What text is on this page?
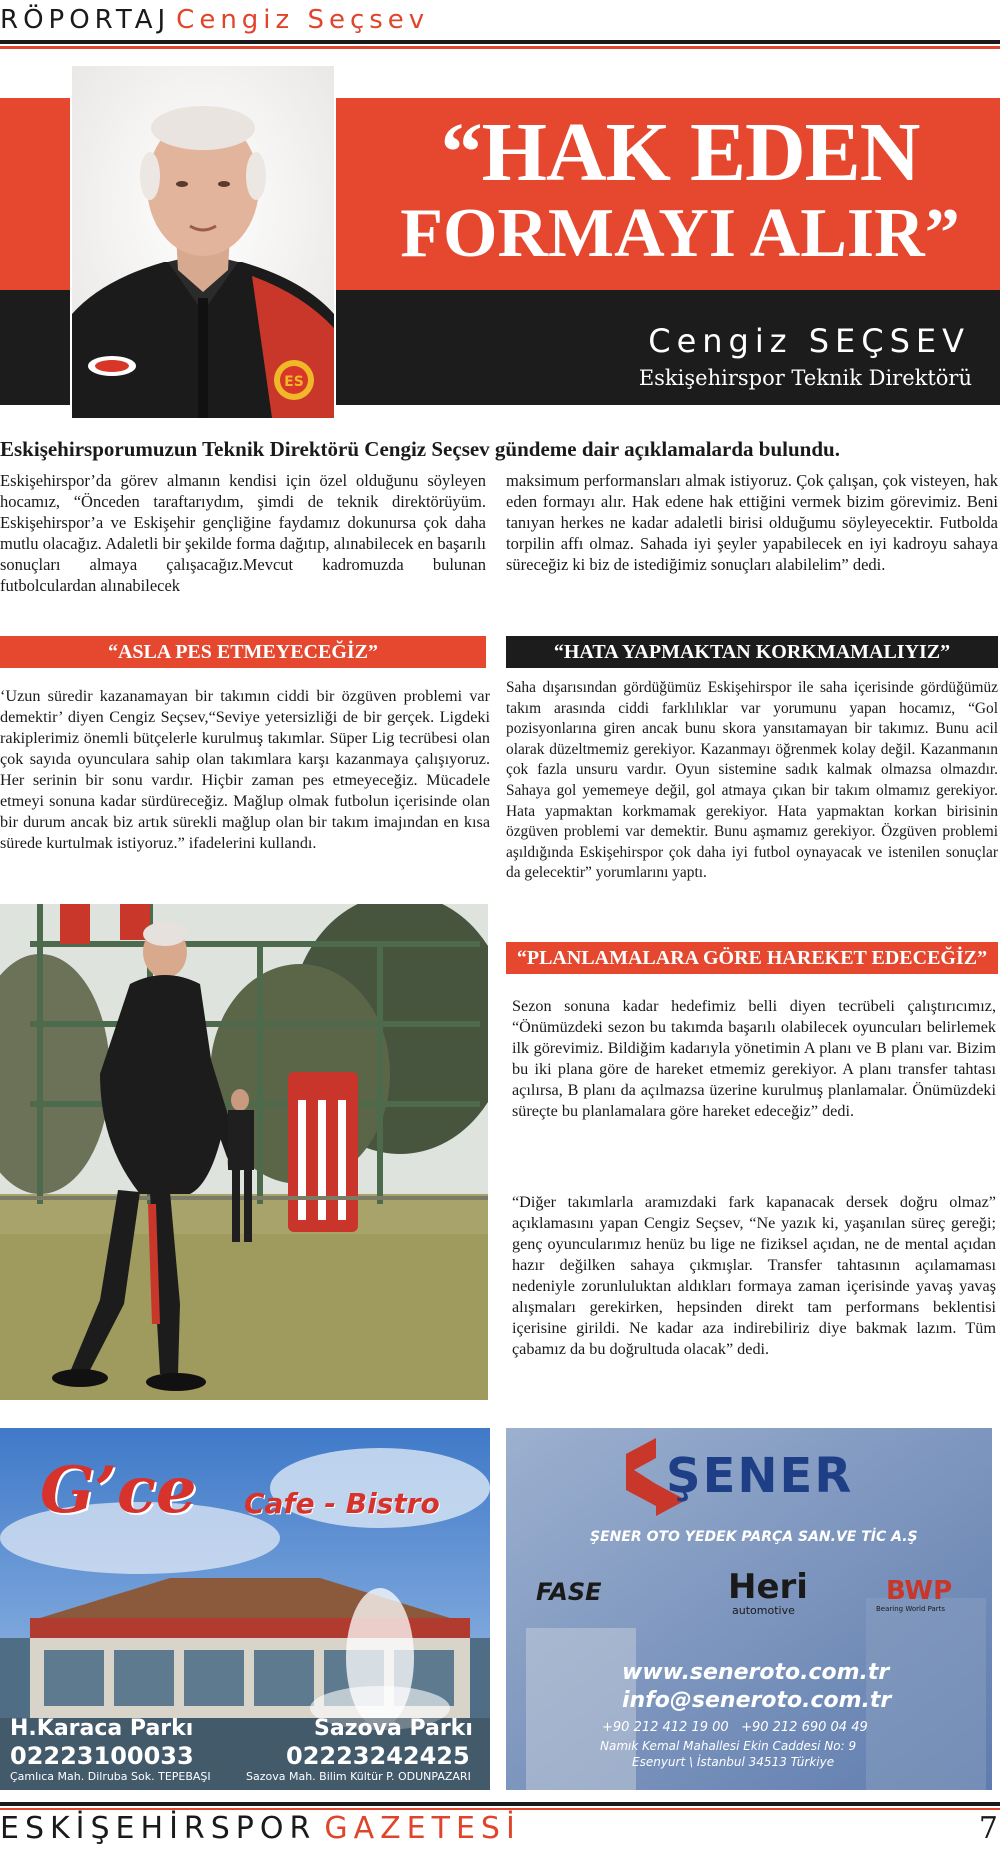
RÖPORTAJ Cengiz Seçsev
“HAK EDEN
FORMAYI ALIR”
Cengiz SEÇSEV
Eskişehirspor Teknik Direktörü
ES
Eskişehirsporumuzun Teknik Direktörü Cengiz Seçsev gündeme dair açıklamalarda bulundu.

Eskişehirspor’da görev almanın kendisi için özel olduğunu söyleyen hocamız, “Önceden taraftarıydım, şimdi de teknik direktörüyüm. Eskişehirspor’a ve Eskişehir gençliğine faydamız dokunursa çok daha mutlu olacağız. Adaletli bir şekilde forma dağıtıp, alınabilecek en başarılı sonuçları almaya çalışacağız.Mevcut kadromuzda bulunan futbolculardan alınabilecek

maksimum performansları almak istiyoruz. Çok çalışan, çok visteyen, hak eden formayı alır. Hak edene hak ettiğini vermek bizim görevimiz. Beni tanıyan herkes ne kadar adaletli birisi olduğumu söyleyecektir. Futbolda torpilin affı olmaz. Sahada iyi şeyler yapabilecek en iyi kadroyu sahaya süreceğiz ki biz de istediğimiz sonuçları alabilelim” dedi.

“ASLA PES ETMEYECEĞİZ”

‘Uzun süredir kazanamayan bir takımın ciddi bir özgüven problemi var demektir’ diyen Cengiz Seçsev,“Seviye yetersizliği de bir gerçek. Ligdeki rakiplerimiz önemli bütçelerle kurulmuş takımlar. Süper Lig tecrübesi olan çok sayıda oyunculara sahip olan takımlara karşı kazanmaya çalışıyoruz. Her serinin bir sonu vardır. Hiçbir zaman pes etmeyeceğiz. Mücadele etmeyi sonuna kadar sürdüreceğiz. Mağlup olmak futbolun içerisinde olan bir durum ancak biz artık sürekli mağlup olan bir takım imajından en kısa sürede kurtulmak istiyoruz.” ifadelerini kullandı.

“HATA YAPMAKTAN KORKMAMALIYIZ”

Saha dışarısından gördüğümüz Eskişehirspor ile saha içerisinde gördüğümüz takım arasında ciddi farklılıklar var yorumunu yapan hocamız, “Gol pozisyonlarına giren ancak bunu skora yansıtamayan bir takımız. Bunu acil olarak düzeltmemiz gerekiyor. Kazanmayı öğrenmek kolay değil. Kazanmanın çok fazla unsuru vardır. Oyun sistemine sadık kalmak olmazsa olmazdır. Sahaya gol yememeye değil, gol atmaya çıkan bir takım olmamız gerekiyor. Hata yapmaktan korkmamak gerekiyor. Hata yapmaktan korkan birisinin özgüven problemi var demektir. Bunu aşmamız gerekiyor. Özgüven problemi aşıldığında Eskişehirspor çok daha iyi futbol oynayacak ve istenilen sonuçlar da gelecektir” yorumlarını yaptı.

“PLANLAMALARA GÖRE HAREKET EDECEĞİZ”

Sezon sonuna kadar hedefimiz belli diyen tecrübeli çalıştırıcımız, “Önümüzdeki sezon bu takımda başarılı olabilecek oyuncuları belirlemek ilk görevimiz. Bildiğim kadarıyla yönetimin A planı ve B planı var. Bizim bu iki plana göre de hareket etmemiz gerekiyor. A planı transfer tahtası açılırsa, B planı da açılmazsa üzerine kurulmuş planlamalar. Önümüzdeki süreçte bu planlamalara göre hareket edeceğiz” dedi.

“Diğer takımlarla aramızdaki fark kapanacak dersek doğru olmaz” açıklamasını yapan Cengiz Seçsev, “Ne yazık ki, yaşanılan süreç gereği; genç oyuncularımız henüz bu lige ne fiziksel açıdan, ne de mental açıdan hazır değilken sahaya çıkmışlar. Transfer tahtasının açılamaması nedeniyle zorunluluktan aldıkları formaya zaman içerisinde yavaş yavaş alışmaları gerekirken, hepsinden direkt tam performans beklentisi içerisine girildi. Ne kadar aza indirebiliriz diye bakmak lazım. Tüm çabamız da bu doğrultuda olacak” dedi.

G’ce Cafe - Bistro
H.Karaca Parkı
02223100033
Çamlıca Mah. Dilruba Sok. TEPEBAŞI
Sazova Parkı
02223242425
Sazova Mah. Bilim Kültür P. ODUNPAZARI
ŞENER
ŞENER OTO YEDEK PARÇA SAN.VE TİC A.Ş
FASE	Heri
automotive
BWP
Bearing World Parts
www.seneroto.com.tr
info@seneroto.com.tr
+90 212 412 19 00   +90 212 690 04 49
Namık Kemal Mahallesi Ekin Caddesi No: 9
Esenyurt \ İstanbul 34513 Türkiye
ESKİŞEHİRSPOR GAZETESİ	7
